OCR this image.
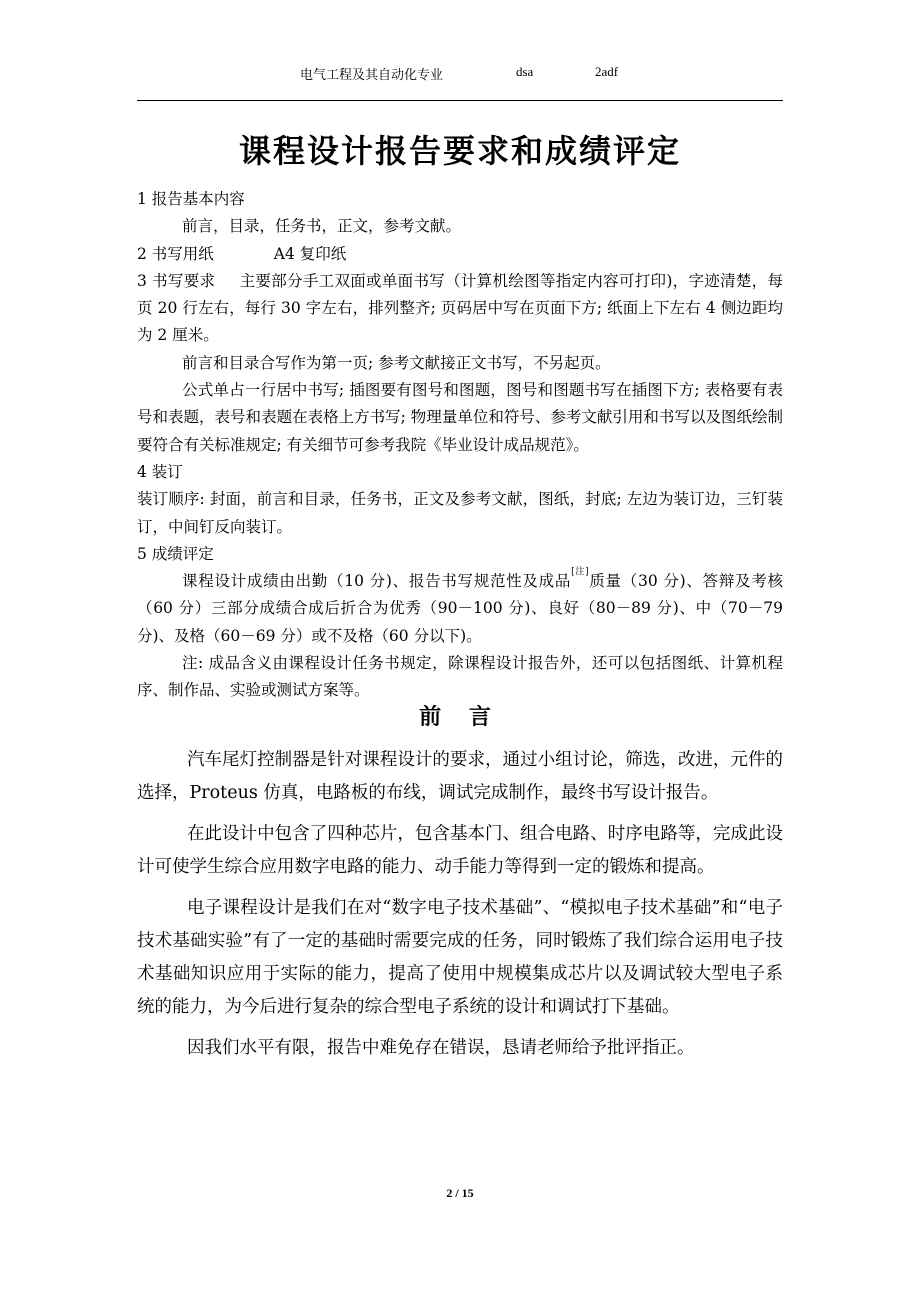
电气工程及其自动化专业	dsa	2adf
课程设计报告要求和成绩评定

1 报告基本内容

前言，目录，任务书，正文，参考文献。

2 书写用纸	A4 复印纸

3 书写要求 主要部分手工双面或单面书写（计算机绘图等指定内容可打印)，字迹清楚，每页 20 行左右，每行 30 字左右，排列整齐; 页码居中写在页面下方; 纸面上下左右 4 侧边距均为 2 厘米。

前言和目录合写作为第一页; 参考文献接正文书写，不另起页。

公式单占一行居中书写; 插图要有图号和图题，图号和图题书写在插图下方; 表格要有表号和表题，表号和表题在表格上方书写; 物理量单位和符号、参考文献引用和书写以及图纸绘制要符合有关标准规定; 有关细节可参考我院《毕业设计成品规范》。

4 装订

装订顺序: 封面，前言和目录，任务书，正文及参考文献，图纸，封底; 左边为装订边，三钉装订，中间钉反向装订。

5 成绩评定

课程设计成绩由出勤（10 分)、报告书写规范性及成品[注]质量（30 分)、答辩及考核（60 分）三部分成绩合成后折合为优秀（90－100 分)、良好（80－89 分)、中（70－79 分)、及格（60－69 分）或不及格（60 分以下)。

注: 成品含义由课程设计任务书规定，除课程设计报告外，还可以包括图纸、计算机程序、制作品、实验或测试方案等。

前 言

汽车尾灯控制器是针对课程设计的要求，通过小组讨论，筛选，改进，元件的选择，Proteus 仿真，电路板的布线，调试完成制作，最终书写设计报告。

在此设计中包含了四种芯片，包含基本门、组合电路、时序电路等，完成此设计可使学生综合应用数字电路的能力、动手能力等得到一定的锻炼和提高。

电子课程设计是我们在对“数字电子技术基础”、“模拟电子技术基础”和“电子技术基础实验”有了一定的基础时需要完成的任务，同时锻炼了我们综合运用电子技术基础知识应用于实际的能力，提高了使用中规模集成芯片以及调试较大型电子系统的能力，为今后进行复杂的综合型电子系统的设计和调试打下基础。

因我们水平有限，报告中难免存在错误，恳请老师给予批评指正。

2 / 15
